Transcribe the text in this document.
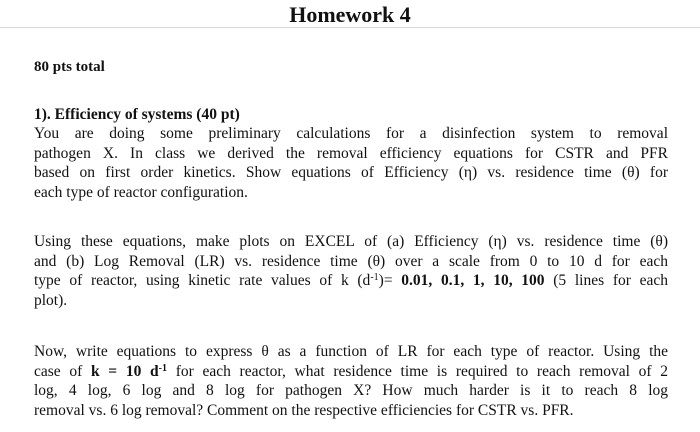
Homework 4
80 pts total
1). Efficiency of systems (40 pt)
You are doing some preliminary calculations for a disinfection system to removal
pathogen X. In class we derived the removal efficiency equations for CSTR and PFR
based on first order kinetics. Show equations of Efficiency (η) vs. residence time (θ) for
each type of reactor configuration.
Using these equations, make plots on EXCEL of (a) Efficiency (η) vs. residence time (θ)
and (b) Log Removal (LR) vs. residence time (θ) over a scale from 0 to 10 d for each
type of reactor, using kinetic rate values of k $(d^{-1})= 0.01$, 0.1, 1, 10, 100 (5 lines for each
plot).
Now, write equations to express θ as a function of LR for each type of reactor. Using the
case of k = 10 $d^{-1}$ for each reactor, what residence time is required to reach removal of 2
log, 4 log, 6 log and 8 log for pathogen X? How much harder is it to reach 8 log
removal vs. 6 log removal? Comment on the respective efficiencies for CSTR vs. PFR.
